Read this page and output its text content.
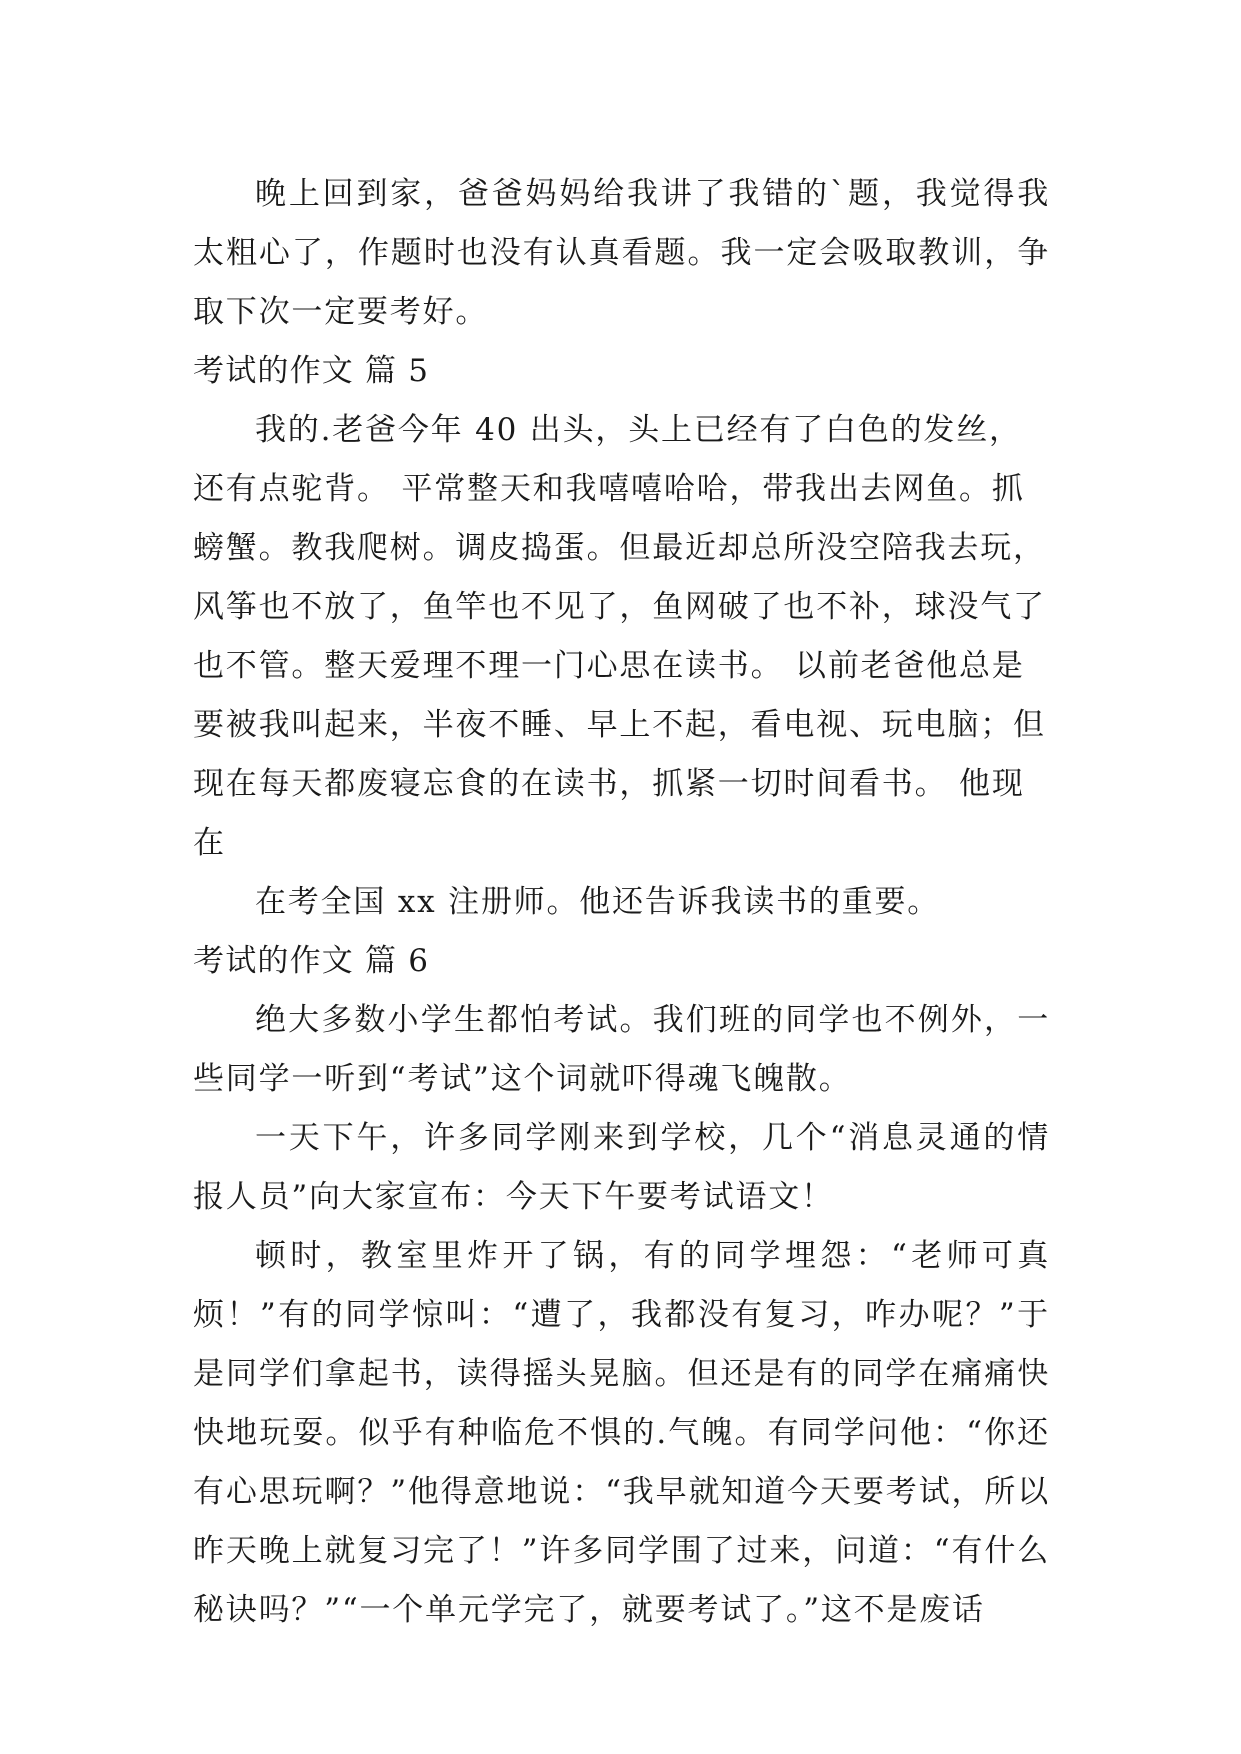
晚上回到家，爸爸妈妈给我讲了我错的`题，我觉得我太粗心了，作题时也没有认真看题。我一定会吸取教训，争取下次一定要考好。

考试的作文 篇 5

我的.老爸今年 40 出头，头上已经有了白色的发丝，还有点驼背。 平常整天和我嘻嘻哈哈，带我出去网鱼。抓螃蟹。教我爬树。调皮捣蛋。但最近却总所没空陪我去玩，风筝也不放了，鱼竿也不见了，鱼网破了也不补，球没气了也不管。整天爱理不理一门心思在读书。 以前老爸他总是要被我叫起来，半夜不睡、早上不起，看电视、玩电脑；但现在每天都废寝忘食的在读书，抓紧一切时间看书。 他现在

在考全国 xx 注册师。他还告诉我读书的重要。

考试的作文 篇 6

绝大多数小学生都怕考试。我们班的同学也不例外，一些同学一听到“考试”这个词就吓得魂飞魄散。

一天下午，许多同学刚来到学校，几个“消息灵通的情报人员”向大家宣布：今天下午要考试语文！

顿时，教室里炸开了锅，有的同学埋怨：“老师可真烦！”有的同学惊叫：“遭了，我都没有复习，咋办呢？”于是同学们拿起书，读得摇头晃脑。但还是有的同学在痛痛快快地玩耍。似乎有种临危不惧的.气魄。有同学问他：“你还有心思玩啊？”他得意地说：“我早就知道今天要考试，所以昨天晚上就复习完了！”许多同学围了过来，问道：“有什么秘诀吗？”“一个单元学完了，就要考试了。”这不是废话
